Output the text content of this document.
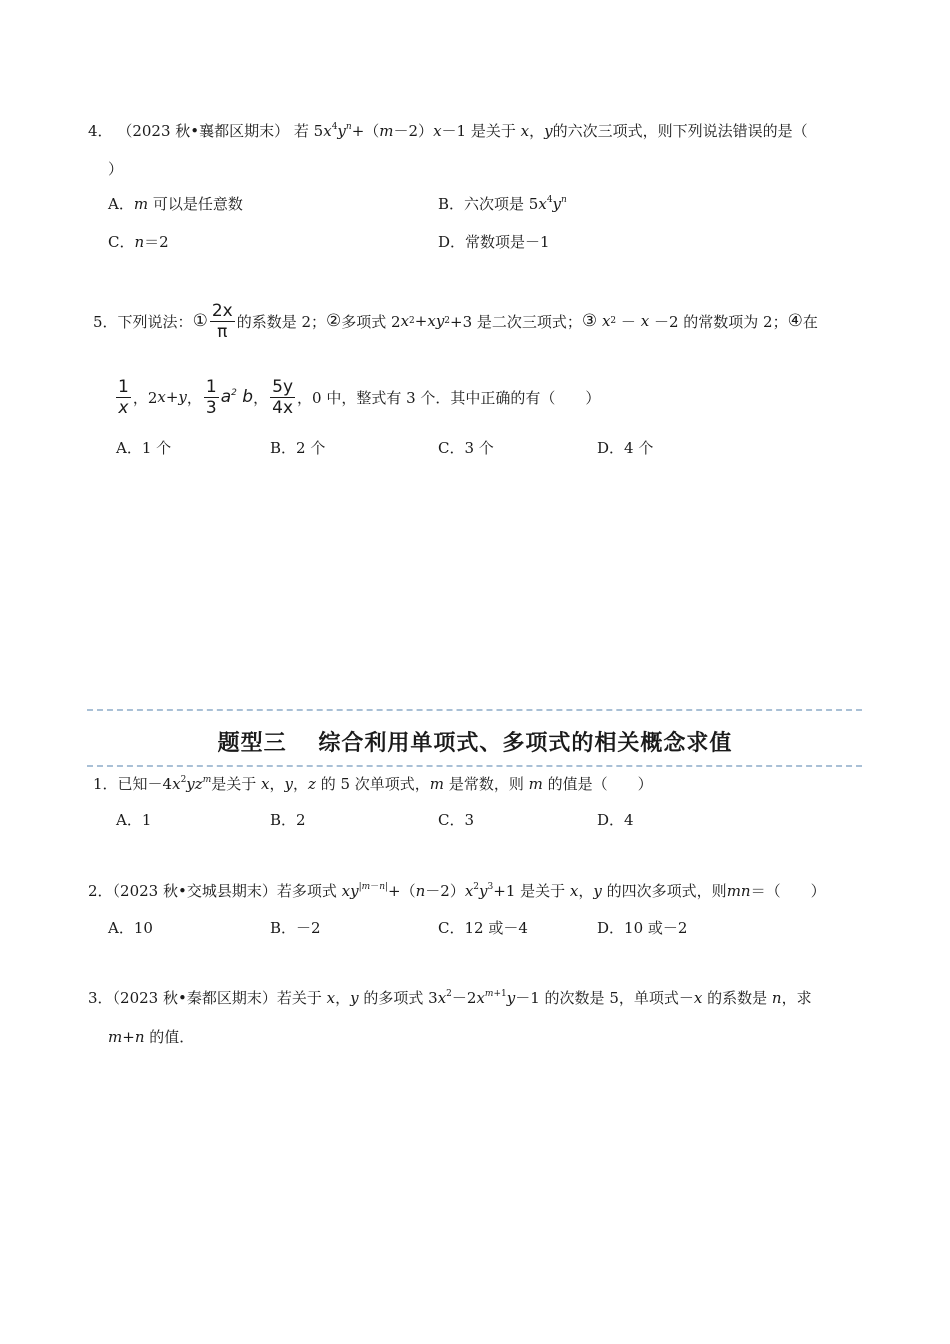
4． （2023 秋•襄都区期末） 若 $5x^4y^n+(m-2)x-1$ 是关于 x，y的六次三项式，则下列说法错误的是（
）
A．m 可以是任意数	B．六次项是 $5x^4y^n$
C．n＝2	D．常数项是－1
5． 下列说法： ① $\frac{2x}{\pi}$ 的系数是 2； ② 多项式 2 x 2 + xy 2 +3 是二次三项式； ③
x 2 － x
－2 的常数项为 2； ④ 在
$\frac{1}{x}$ ，2 x + y ， $\frac{1}{3} a^2$ b ， $\frac{5y}{4x}$ ，0 中，整式有 3 个．其中正确的有（　　）
A．1 个	B．2 个	C．3 个	D．4 个
题型三　 综合利用单项式、多项式的相关概念求值
1．已知$-4x^2yz^m$是关于 x，y，z 的 5 次单项式，m 是常数，则 m 的值是（　　）
A．1	B．2	C．3	D．4
2．（2023 秋•交城县期末）若多项式 $xy^{|m-n|}+(n-2)x^2y^3+1$ 是关于 x，y 的四次多项式，则mn＝（　　）
A．10	B．－2	C．12 或－4	D．10 或－2
3．（2023 秋•秦都区期末）若关于 x，y 的多项式 $3x^2-2x^{m+1}y-1$ 的次数是 5，单项式－x 的系数是 n，求
m+n 的值．
